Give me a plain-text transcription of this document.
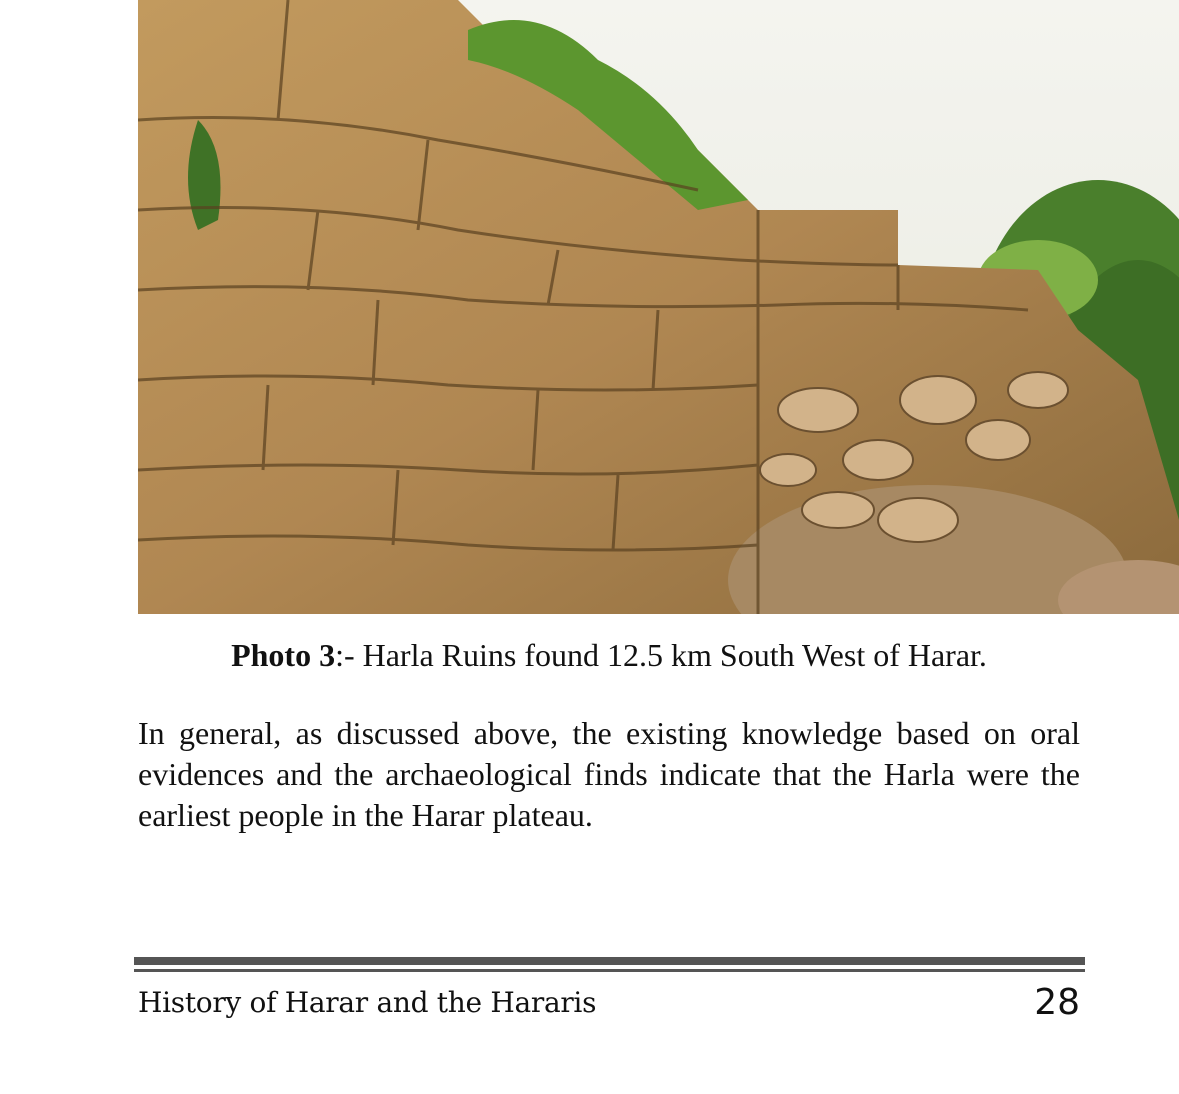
Photo 3:- Harla Ruins found 12.5 km South West of Harar.

In general, as discussed above, the existing knowledge based on oral evidences and the archaeological finds indicate that the Harla were the earliest people in the Harar plateau.

History of Harar and the Hararis	28
